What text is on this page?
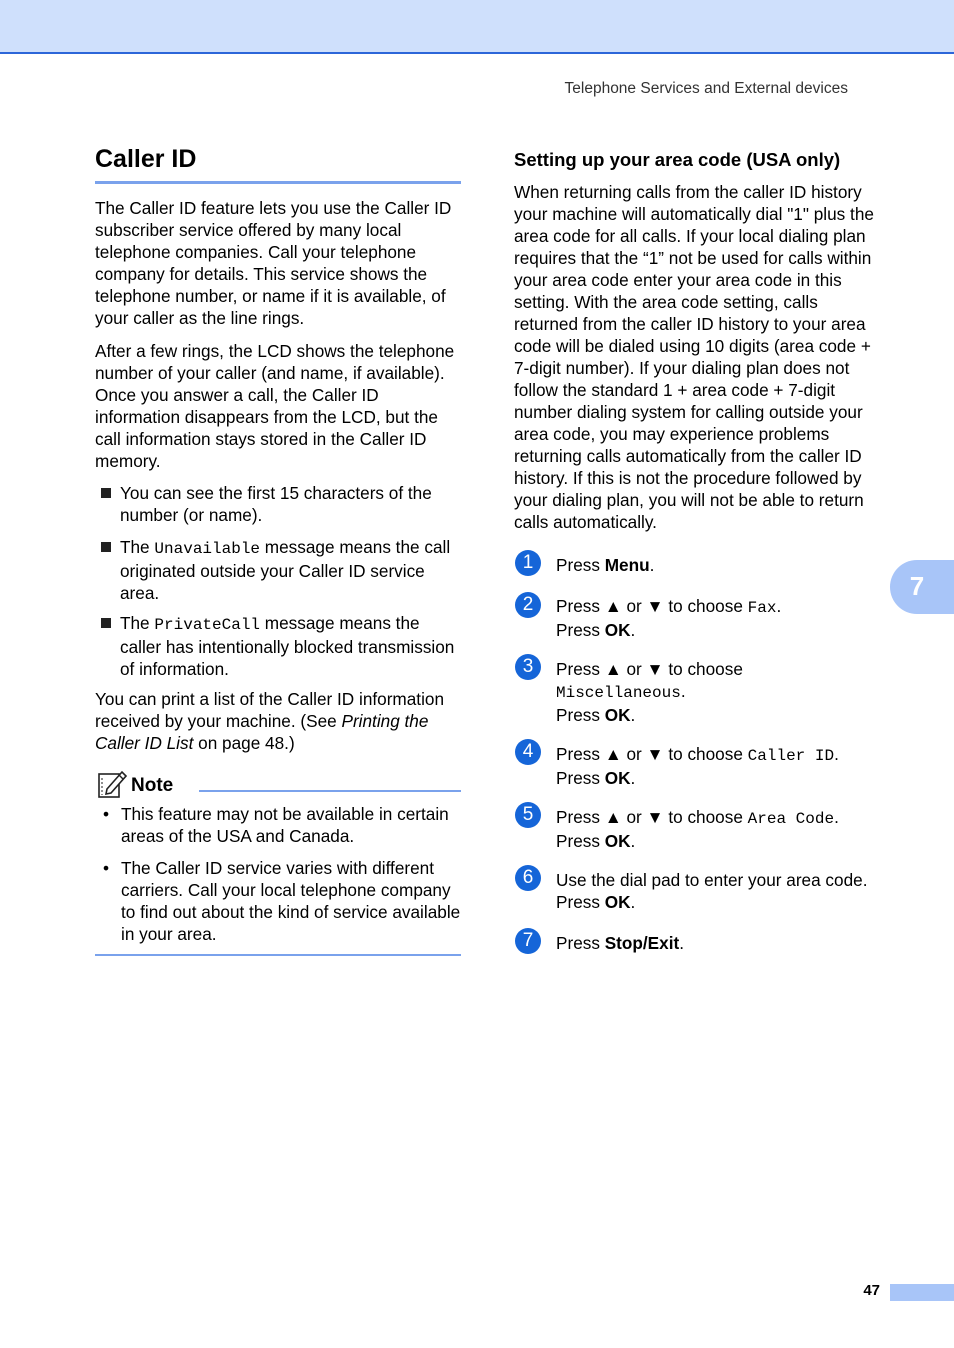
Telephone Services and External devices
Caller ID

The Caller ID feature lets you use the Caller ID subscriber service offered by many local telephone companies. Call your telephone company for details. This service shows the telephone number, or name if it is available, of your caller as the line rings.

After a few rings, the LCD shows the telephone number of your caller (and name, if available). Once you answer a call, the Caller ID information disappears from the LCD, but the call information stays stored in the Caller ID memory.

You can see the first 15 characters of the number (or name).
The Unavailable message means the call originated outside your Caller ID service area.
The PrivateCall message means the caller has intentionally blocked transmission of information.

You can print a list of the Caller ID information received by your machine. (See Printing the Caller ID List on page 48.)

Note
• This feature may not be available in certain areas of the USA and Canada.
• The Caller ID service varies with different carriers. Call your local telephone company to find out about the kind of service available in your area.
Setting up your area code (USA only)

When returning calls from the caller ID history your machine will automatically dial "1" plus the area code for all calls. If your local dialing plan requires that the “1” not be used for calls within your area code enter your area code in this setting. With the area code setting, calls returned from the caller ID history to your area code will be dialed using 10 digits (area code + 7-digit number). If your dialing plan does not follow the standard 1 + area code + 7-digit number dialing system for calling outside your area code, you may experience problems returning calls automatically from the caller ID history. If this is not the procedure followed by your dialing plan, you will not be able to return calls automatically.

1	Press Menu.
2	Press ▲ or ▼ to choose Fax.
Press OK.
3	Press ▲ or ▼ to choose
Miscellaneous.
Press OK.
4	Press ▲ or ▼ to choose Caller ID.
Press OK.
5	Press ▲ or ▼ to choose Area Code.
Press OK.
6	Use the dial pad to enter your area code.
Press OK.
7	Press Stop/Exit.
7
47
